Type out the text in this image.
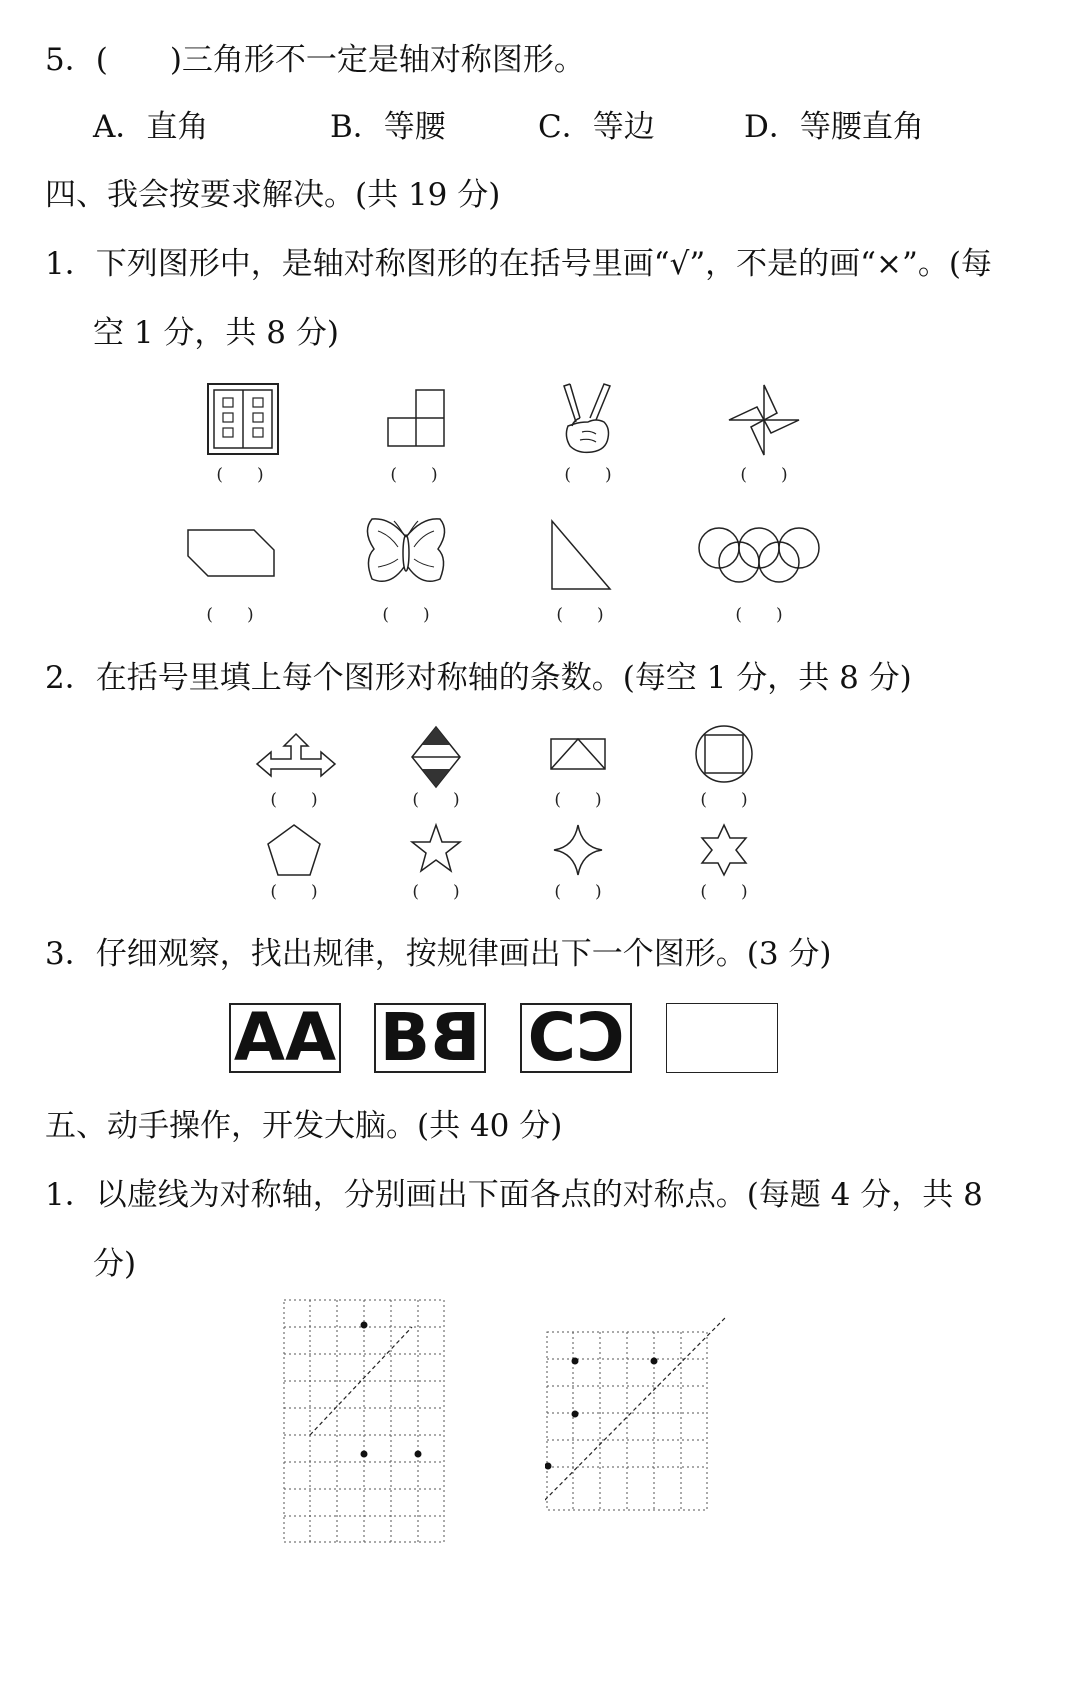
5．(　　)三角形不一定是轴对称图形。
A．直角	B．等腰	C．等边	D．等腰直角
四、我会按要求解决。(共 19 分)
1．下列图形中，是轴对称图形的在括号里画“√”，不是的画“×”。(每
空 1 分，共 8 分)
(　　)	(　　)	(　　)	(　　)
(　　)	(　　)	(　　)	(　　)
2．在括号里填上每个图形对称轴的条数。(每空 1 分，共 8 分)
(　　)	(　　)	(　　)	(　　)
(　　)	(　　)	(　　)	(　　)
3．仔细观察，找出规律，按规律画出下一个图形。(3 分)
A A B B C C
五、动手操作，开发大脑。(共 40 分)
1．以虚线为对称轴，分别画出下面各点的对称点。(每题 4 分，共 8
分)
